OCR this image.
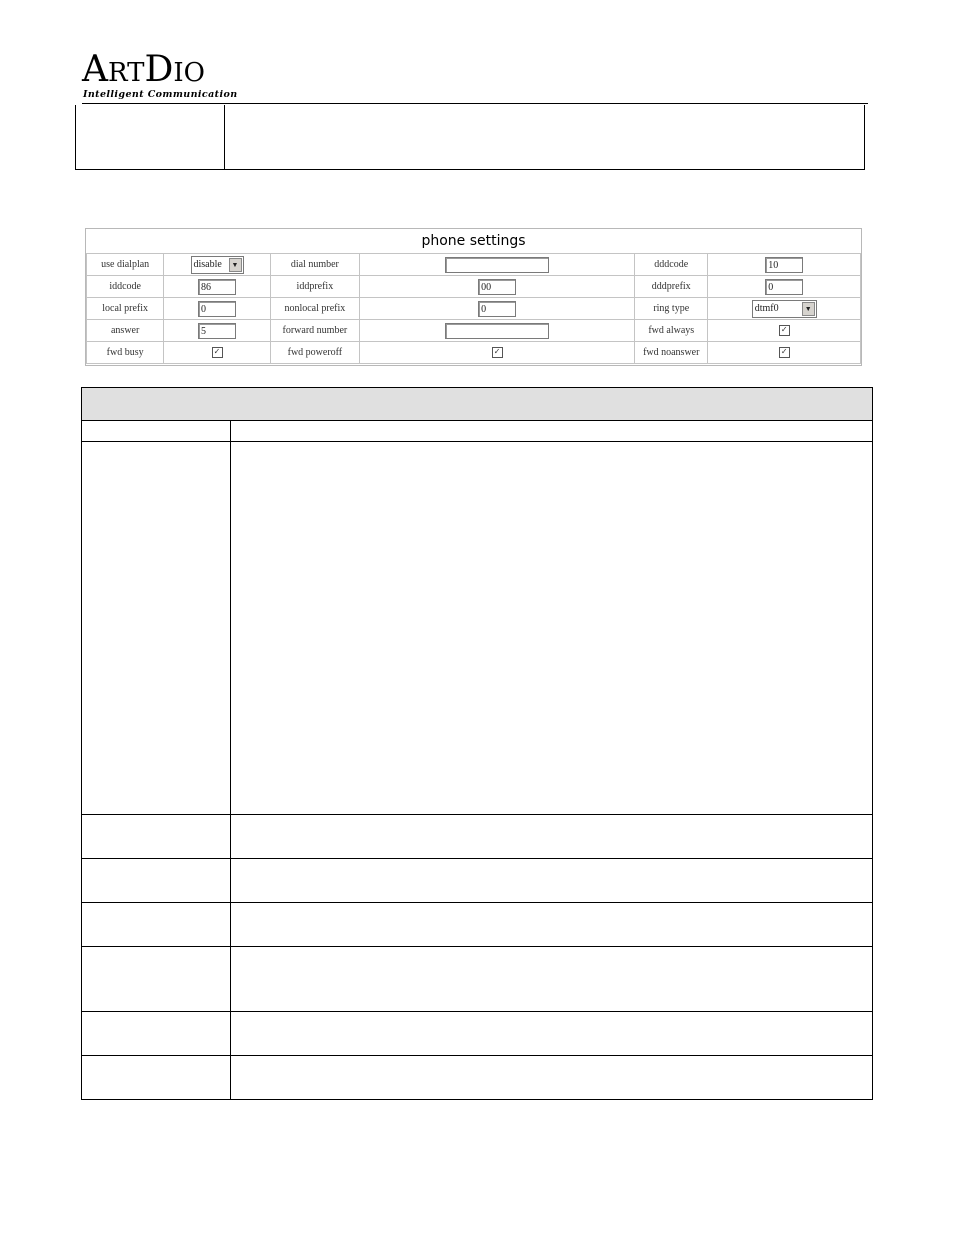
ARTDIO
Intelligent Communication
phone settings
use dialplan	disable ▼	dial number		dddcode	10
iddcode	86	iddprefix	00	dddprefix	0
local prefix	0	nonlocal prefix	0	ring type	dtmf0 ▼

answer	5	forward number		fwd always	✓
fwd busy	✓	fwd poweroff	✓	fwd noanswer	✓
